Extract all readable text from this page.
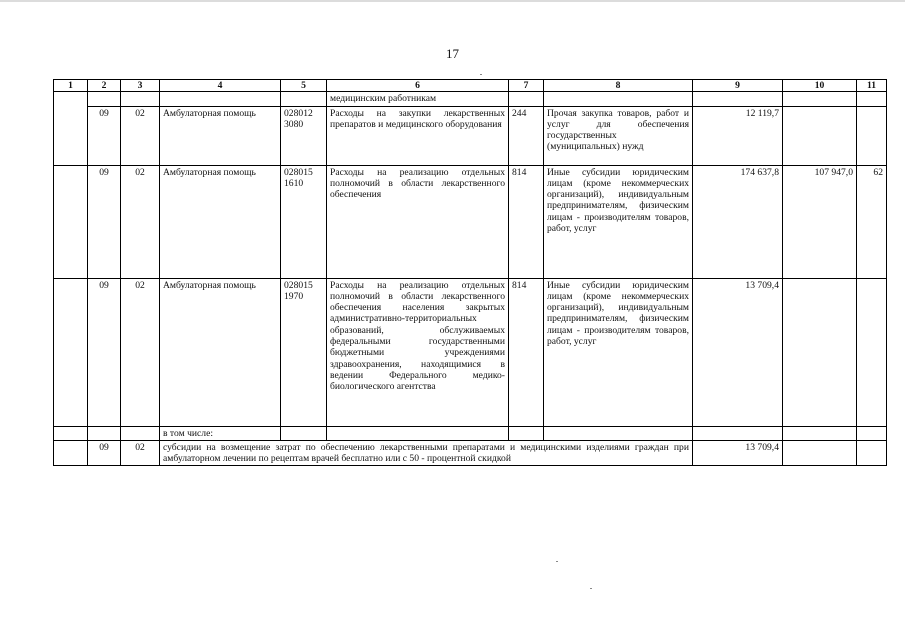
17
1	2	3	4	5	6	7	8	9	10	11
					медицинским работникам					
	09	02	Амбулаторная помощь	028012 3080	Расходы на закупки лекарственных препаратов и медицинского оборудования	244	Прочая закупка товаров, работ и услуг для обеспечения государственных (муниципальных) нужд	12 119,7		
	09	02	Амбулаторная помощь	028015 1610	Расходы на реализацию отдельных полномочий в области лекарственного обеспечения	814	Иные субсидии юридическим лицам (кроме некоммерческих организаций), индивидуальным предпринимателям, физическим лицам - производителям товаров, работ, услуг	174 637,8	107 947,0	62
	09	02	Амбулаторная помощь	028015 1970	Расходы на реализацию отдельных полномочий в области лекарственного обеспечения населения закрытых административно-территориальных образований, обслуживаемых федеральными государственными бюджетными учреждениями здравоохранения, находящимися в ведении Федерального медико-биологического агентства	814	Иные субсидии юридическим лицам (кроме некоммерческих организаций), индивидуальным предпринимателям, физическим лицам - производителям товаров, работ, услуг	13 709,4		
			в том числе:							
	09	02	субсидии на возмещение затрат по обеспечению лекарственными препаратами и медицинскими изделиями граждан при амбулаторном лечении по рецептам врачей бесплатно или с 50 - процентной скидкой					13 709,4		
